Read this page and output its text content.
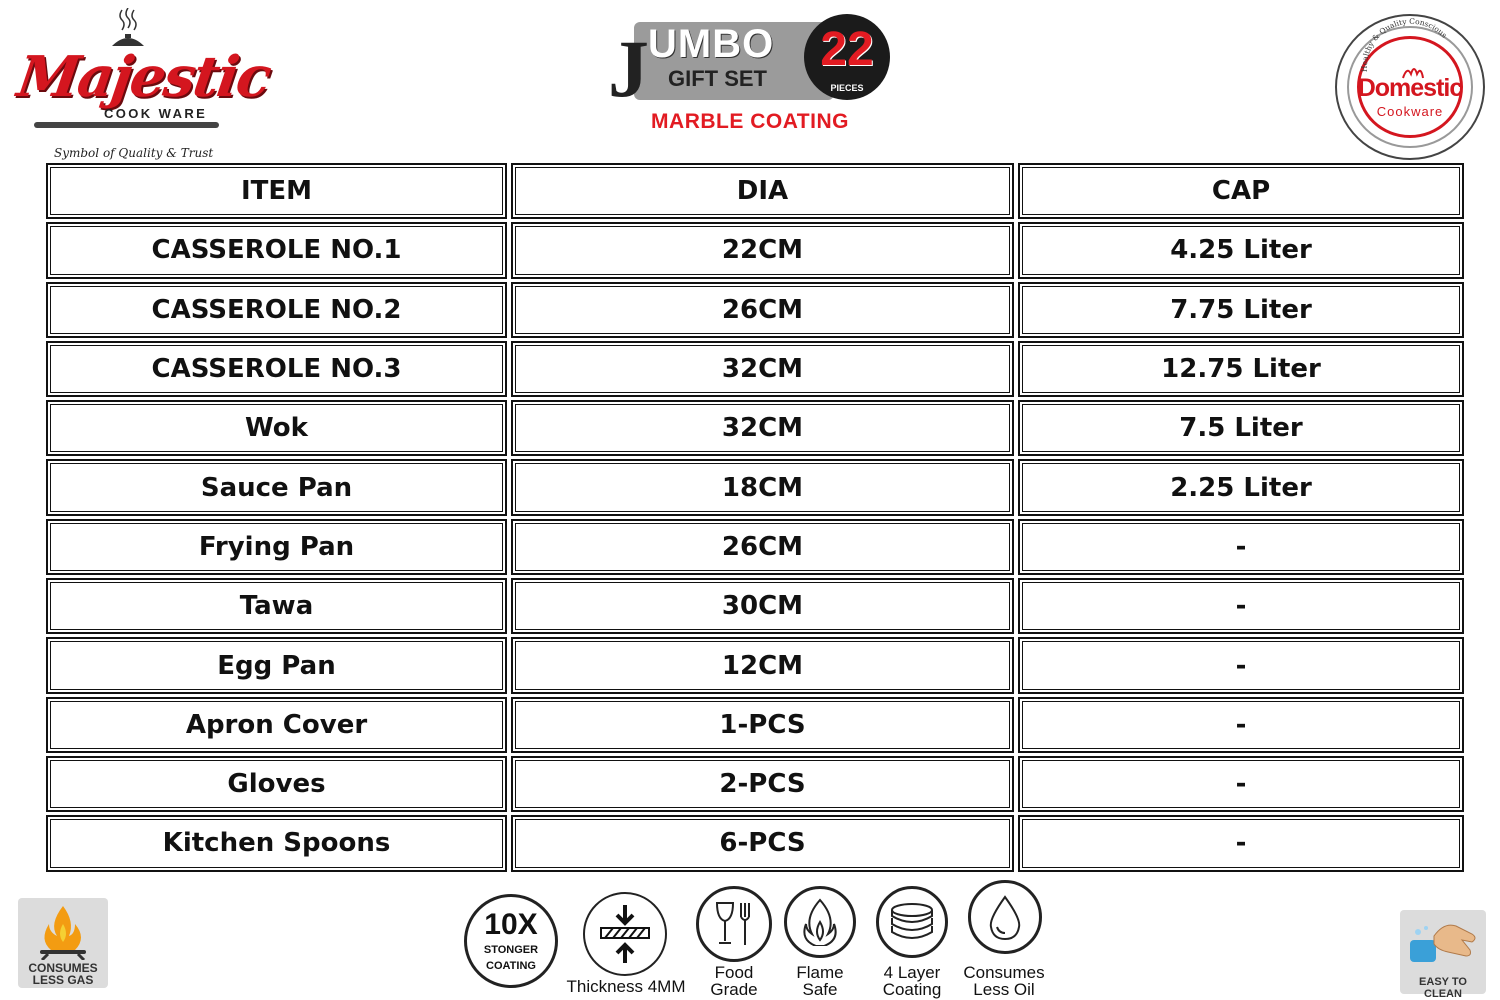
Majestic
COOK WARE
Symbol of Quality & Trust
J UMBO
GIFT SET
22
PIECES
MARBLE COATING
Healthy & Quality Conscious
Domestic
Cookware
ITEM	DIA	CAP
CASSEROLE NO.1	22CM	4.25 Liter
CASSEROLE NO.2	26CM	7.75 Liter
CASSEROLE NO.3	32CM	12.75 Liter
Wok	32CM	7.5 Liter
Sauce Pan	18CM	2.25 Liter
Frying Pan	26CM	-
Tawa	30CM	-
Egg Pan	12CM	-
Apron Cover	1-PCS	-
Gloves	2-PCS	-
Kitchen Spoons	6-PCS	-
CONSUMES
LESS GAS
10X
STONGER
COATING
Thickness 4MM
Food
Grade
Flame
Safe
4 Layer
Coating
Consumes
Less Oil	EASY TO CLEAN
